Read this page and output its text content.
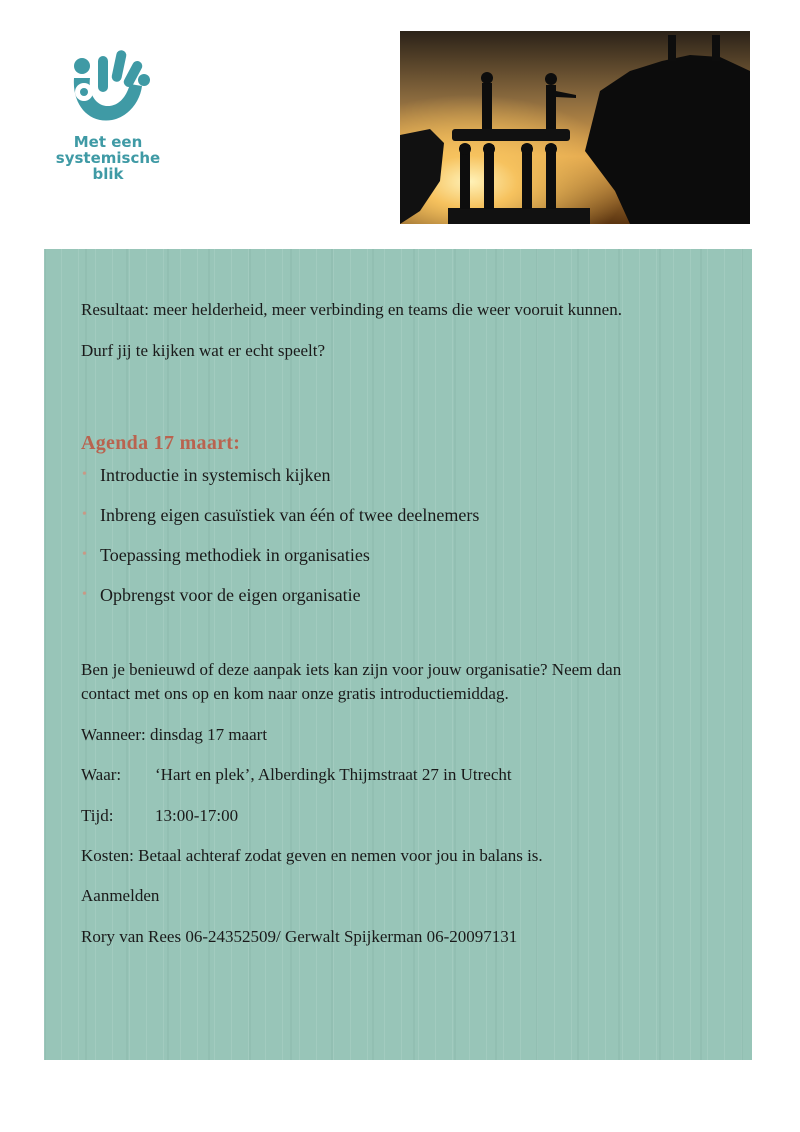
Met een
systemische
blik
Resultaat: meer helderheid, meer verbinding en teams die weer vooruit kunnen.
Durf jij te kijken wat er echt speelt?
Agenda 17 maart:
• Introductie in systemisch kijken
• Inbreng eigen casuïstiek van één of twee deelnemers
• Toepassing methodiek in organisaties
• Opbrengst voor de eigen organisatie
Ben je benieuwd of deze aanpak iets kan zijn voor jouw organisatie? Neem dan
contact met ons op en kom naar onze gratis introductiemiddag.
Wanneer: dinsdag 17 maart
Waar: ‘Hart en plek’, Alberdingk Thijmstraat 27 in Utrecht
Tijd: 13:00-17:00
Kosten: Betaal achteraf zodat geven en nemen voor jou in balans is.
Aanmelden
Rory van Rees 06-24352509/ Gerwalt Spijkerman 06-20097131
